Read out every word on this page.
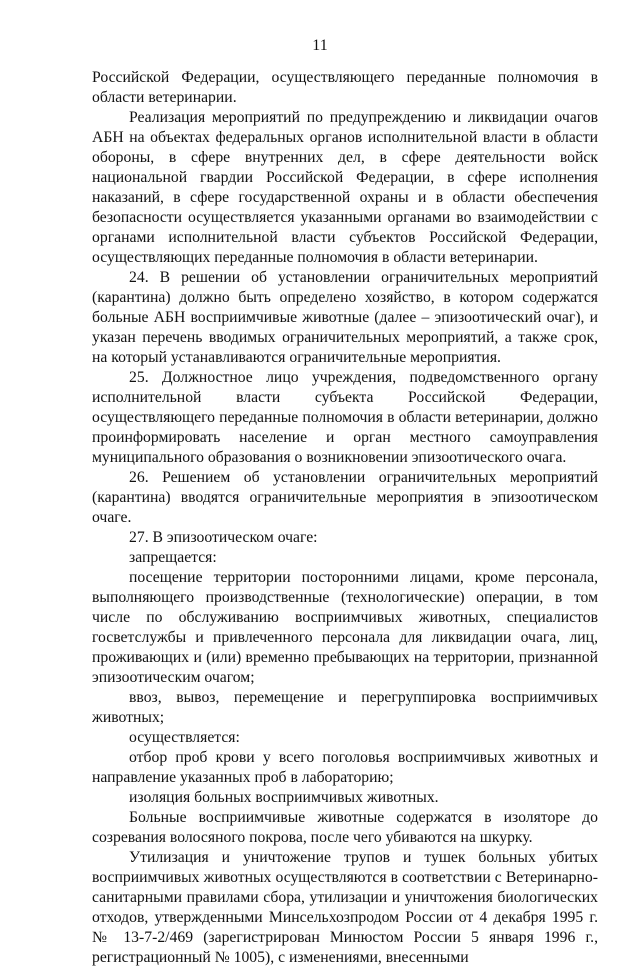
11

Российской Федерации, осуществляющего переданные полномочия в области ветеринарии.

Реализация мероприятий по предупреждению и ликвидации очагов АБН на объектах федеральных органов исполнительной власти в области обороны, в сфере внутренних дел, в сфере деятельности войск национальной гвардии Российской Федерации, в сфере исполнения наказаний, в сфере государственной охраны и в области обеспечения безопасности осуществляется указанными органами во взаимодействии с органами исполнительной власти субъектов Российской Федерации, осуществляющих переданные полномочия в области ветеринарии.

24. В решении об установлении ограничительных мероприятий (карантина) должно быть определено хозяйство, в котором содержатся больные АБН восприимчивые животные (далее – эпизоотический очаг), и указан перечень вводимых ограничительных мероприятий, а также срок, на который устанавливаются ограничительные мероприятия.

25. Должностное лицо учреждения, подведомственного органу исполнительной власти субъекта Российской Федерации, осуществляющего переданные полномочия в области ветеринарии, должно проинформировать население и орган местного самоуправления муниципального образования о возникновении эпизоотического очага.

26. Решением об установлении ограничительных мероприятий (карантина) вводятся ограничительные мероприятия в эпизоотическом очаге.

27. В эпизоотическом очаге:

запрещается:

посещение территории посторонними лицами, кроме персонала, выполняющего производственные (технологические) операции, в том числе по обслуживанию восприимчивых животных, специалистов госветслужбы и привлеченного персонала для ликвидации очага, лиц, проживающих и (или) временно пребывающих на территории, признанной эпизоотическим очагом;

ввоз, вывоз, перемещение и перегруппировка восприимчивых животных;

осуществляется:

отбор проб крови у всего поголовья восприимчивых животных и направление указанных проб в лабораторию;

изоляция больных восприимчивых животных.

Больные восприимчивые животные содержатся в изоляторе до созревания волосяного покрова, после чего убиваются на шкурку.

Утилизация и уничтожение трупов и тушек больных убитых восприимчивых животных осуществляются в соответствии с Ветеринарно-санитарными правилами сбора, утилизации и уничтожения биологических отходов, утвержденными Минсельхозпродом России от 4 декабря 1995 г. № 13-7-2/469 (зарегистрирован Минюстом России 5 января 1996 г., регистрационный № 1005), с изменениями, внесенными
